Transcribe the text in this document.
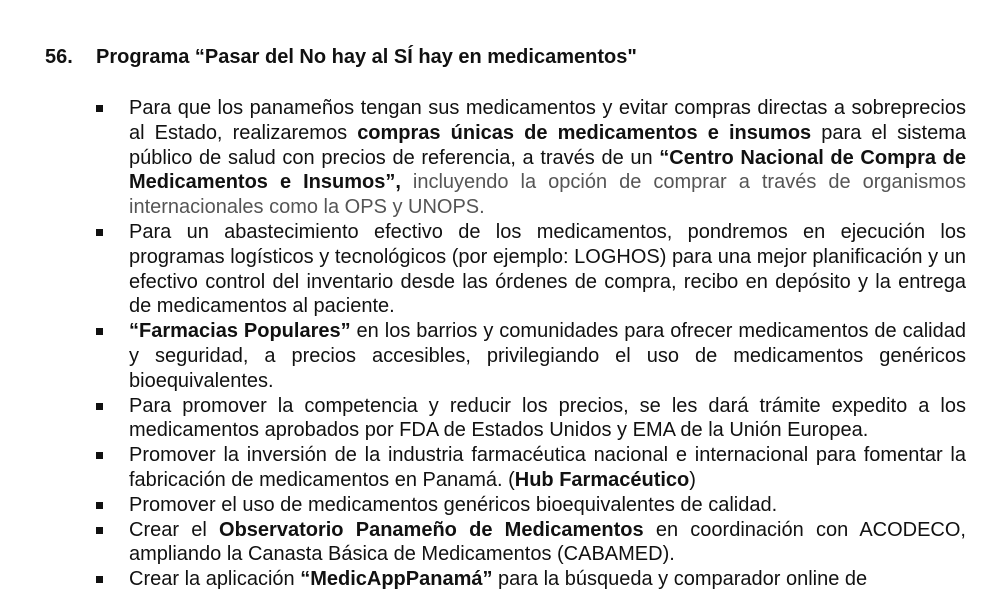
56. Programa “Pasar del No hay al SÍ hay en medicamentos"
Para que los panameños tengan sus medicamentos y evitar compras directas a sobreprecios al Estado, realizaremos compras únicas de medicamentos e insumos para el sistema público de salud con precios de referencia, a través de un “Centro Nacional de Compra de Medicamentos e Insumos”, incluyendo la opción de comprar a través de organismos internacionales como la OPS y UNOPS.
Para un abastecimiento efectivo de los medicamentos, pondremos en ejecución los programas logísticos y tecnológicos (por ejemplo: LOGHOS) para una mejor planificación y un efectivo control del inventario desde las órdenes de compra, recibo en depósito y la entrega de medicamentos al paciente.
“Farmacias Populares” en los barrios y comunidades para ofrecer medicamentos de calidad y seguridad, a precios accesibles, privilegiando el uso de medicamentos genéricos bioequivalentes.
Para promover la competencia y reducir los precios, se les dará trámite expedito a los medicamentos aprobados por FDA de Estados Unidos y EMA de la Unión Europea.
Promover la inversión de la industria farmacéutica nacional e internacional para fomentar la fabricación de medicamentos en Panamá. (Hub Farmacéutico)
Promover el uso de medicamentos genéricos bioequivalentes de calidad.
Crear el Observatorio Panameño de Medicamentos en coordinación con ACODECO, ampliando la Canasta Básica de Medicamentos (CABAMED).
Crear la aplicación “MedicAppPanamá” para la búsqueda y comparador online de
